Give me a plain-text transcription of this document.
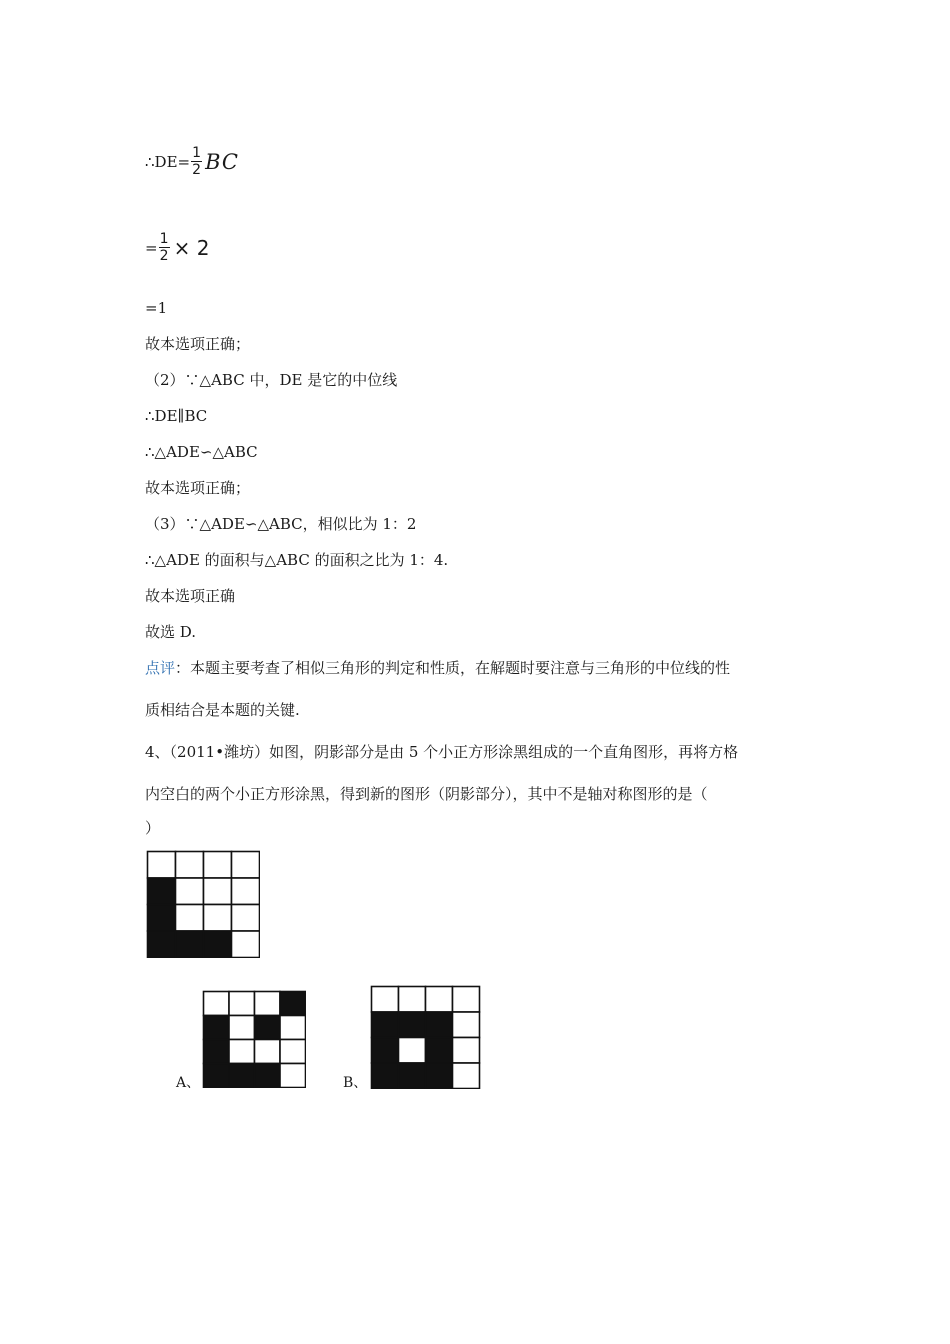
∴DE= $\frac{1}{2}$ BC
= $\frac{1}{2} \times 2$
=1
故本选项正确；
（2）∵△ABC 中，DE 是它的中位线
∴DE∥BC
∴△ADE∽△ABC
故本选项正确；
（3）∵△ADE∽△ABC，相似比为 1：2
∴△ADE 的面积与△ABC 的面积之比为 1：4.
故本选项正确
故选 D.
点评：本题主要考查了相似三角形的判定和性质，在解题时要注意与三角形的中位线的性
质相结合是本题的关键.
4、（2011•潍坊）如图，阴影部分是由 5 个小正方形涂黑组成的一个直角图形，再将方格
内空白的两个小正方形涂黑，得到新的图形（阴影部分），其中不是轴对称图形的是（
）
A、	B、
